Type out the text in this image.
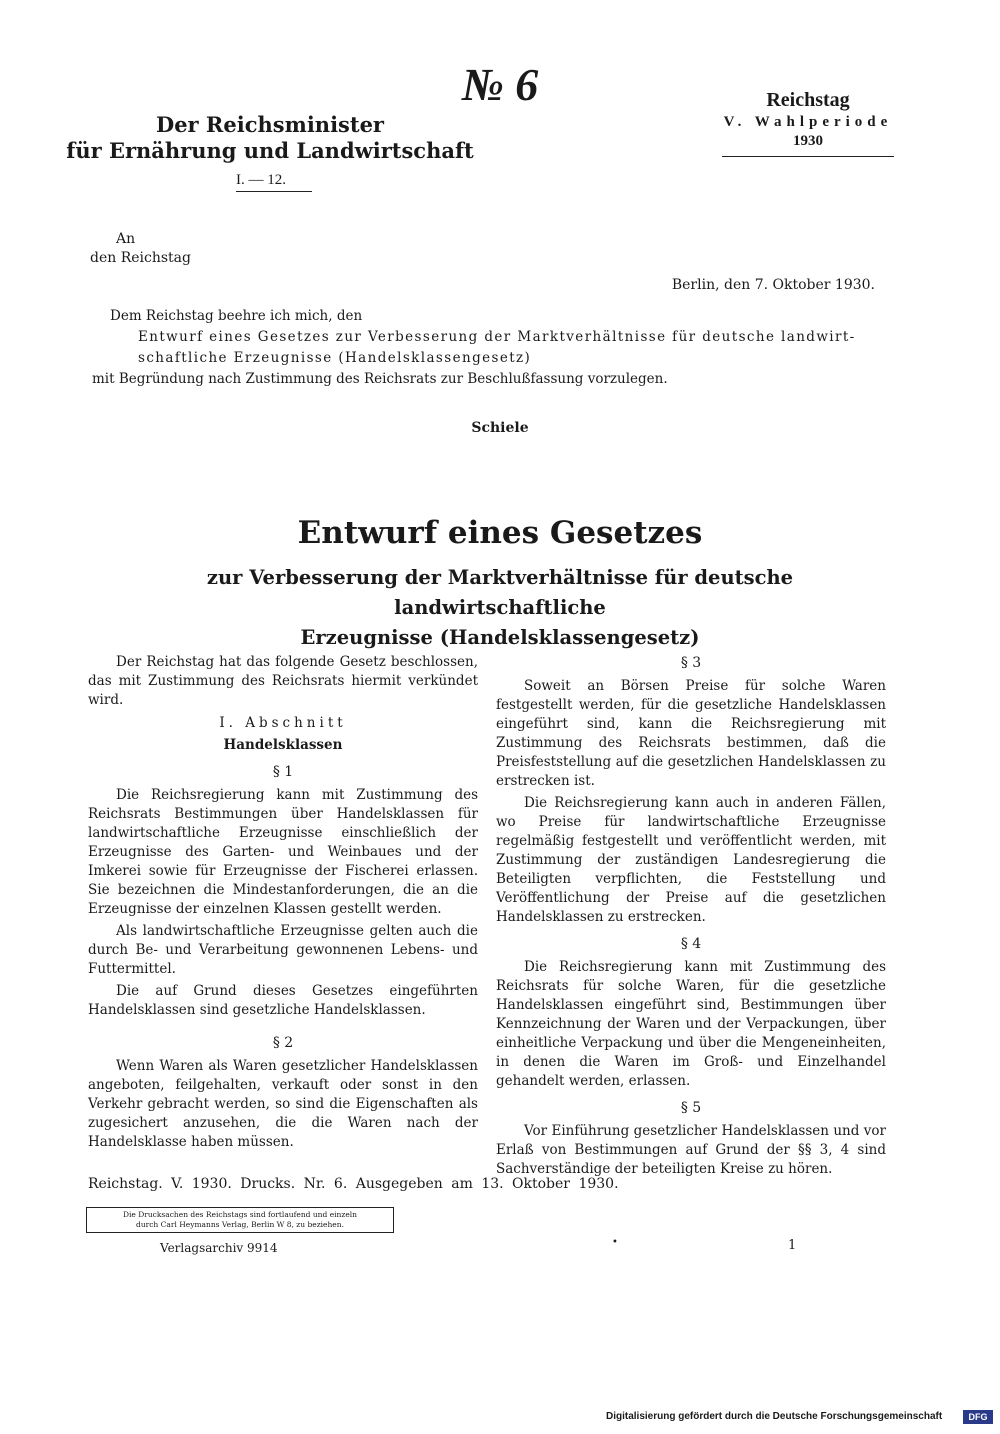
№ 6
Der Reichsminister
für Ernährung und Landwirtschaft
I. — 12.
Reichstag
V. Wahlperiode
1930
An
den Reichstag
Berlin, den 7. Oktober 1930.
Dem Reichstag beehre ich mich, den
Entwurf eines Gesetzes zur Verbesserung der Marktverhältnisse für deutsche landwirt-
schaftliche Erzeugnisse (Handelsklassengesetz)
mit Begründung nach Zustimmung des Reichsrats zur Beschlußfassung vorzulegen.
Schiele
Entwurf eines Gesetzes
zur Verbesserung der Marktverhältnisse für deutsche landwirtschaftliche
Erzeugnisse (Handelsklassengesetz)

Der Reichstag hat das folgende Gesetz beschlossen, das mit Zustimmung des Reichsrats hiermit verkündet wird.

I. Abschnitt

Handelsklassen

§ 1

Die Reichsregierung kann mit Zustimmung des Reichsrats Bestimmungen über Handelsklassen für landwirtschaftliche Erzeugnisse einschließlich der Erzeugnisse des Garten- und Weinbaues und der Imkerei sowie für Erzeugnisse der Fischerei erlassen. Sie bezeichnen die Mindestanforderungen, die an die Erzeugnisse der einzelnen Klassen gestellt werden.

Als landwirtschaftliche Erzeugnisse gelten auch die durch Be- und Verarbeitung gewonnenen Lebens- und Futtermittel.

Die auf Grund dieses Gesetzes eingeführten Handelsklassen sind gesetzliche Handelsklassen.

§ 2

Wenn Waren als Waren gesetzlicher Handelsklassen angeboten, feilgehalten, verkauft oder sonst in den Verkehr gebracht werden, so sind die Eigenschaften als zugesichert anzusehen, die die Waren nach der Handelsklasse haben müssen.

§ 3

Soweit an Börsen Preise für solche Waren festgestellt werden, für die gesetzliche Handelsklassen eingeführt sind, kann die Reichsregierung mit Zustimmung des Reichsrats bestimmen, daß die Preisfeststellung auf die gesetzlichen Handelsklassen zu erstrecken ist.

Die Reichsregierung kann auch in anderen Fällen, wo Preise für landwirtschaftliche Erzeugnisse regelmäßig festgestellt und veröffentlicht werden, mit Zustimmung der zuständigen Landesregierung die Beteiligten verpflichten, die Feststellung und Veröffentlichung der Preise auf die gesetzlichen Handelsklassen zu erstrecken.

§ 4

Die Reichsregierung kann mit Zustimmung des Reichsrats für solche Waren, für die gesetzliche Handelsklassen eingeführt sind, Bestimmungen über Kennzeichnung der Waren und der Verpackungen, über einheitliche Verpackung und über die Mengeneinheiten, in denen die Waren im Groß- und Einzelhandel gehandelt werden, erlassen.

§ 5

Vor Einführung gesetzlicher Handelsklassen und vor Erlaß von Bestimmungen auf Grund der §§ 3, 4 sind Sachverständige der beteiligten Kreise zu hören.

Reichstag. V. 1930. Drucks. Nr. 6. Ausgegeben am 13. Oktober 1930.
Die Drucksachen des Reichstags sind fortlaufend und einzeln
durch Carl Heymanns Verlag, Berlin W 8, zu beziehen.
Verlagsarchiv 9914	•	1
Digitalisierung gefördert durch die Deutsche Forschungsgemeinschaft	DFG
